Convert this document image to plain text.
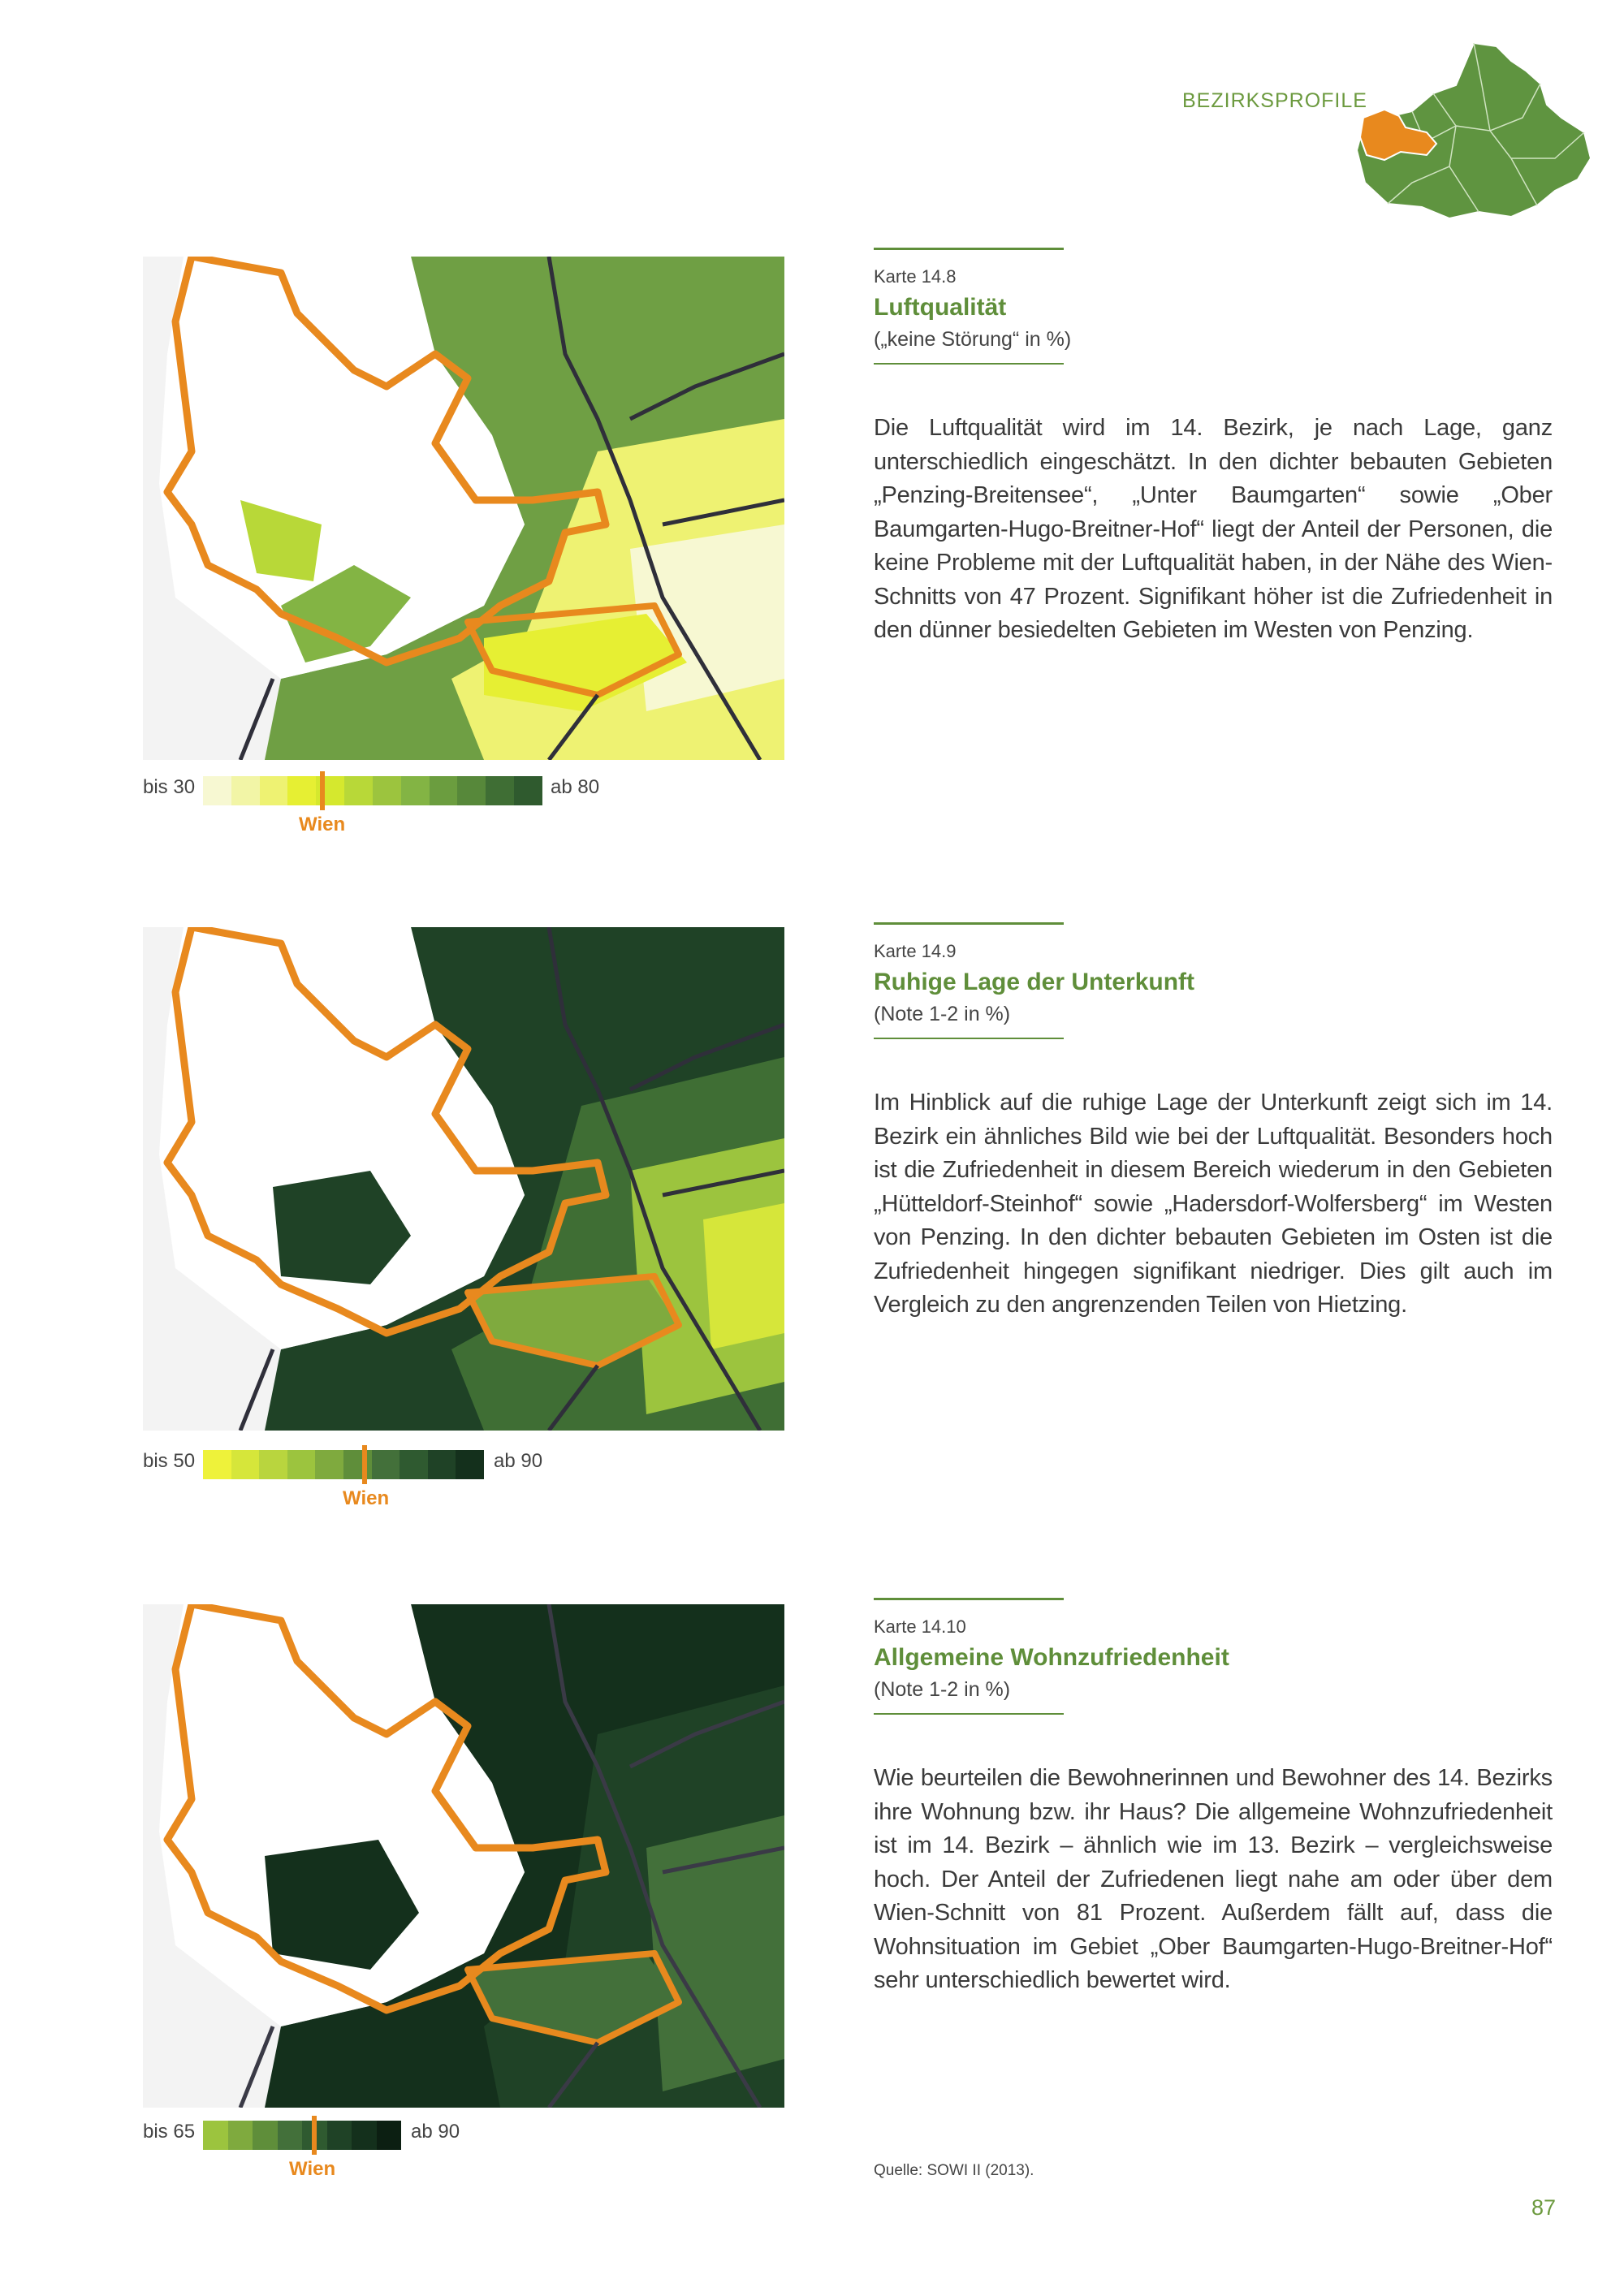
BEZIRKSPROFILE
bis 30	ab 80
Wien
Karte 14.8
Luftqualität
(„keine Störung“ in %)
Die Luftqualität wird im 14. Bezirk, je nach Lage, ganz unterschiedlich eingeschätzt. In den dichter bebauten Gebieten „Penzing-Breitensee“, „Unter Baumgarten“ sowie „Ober Baumgarten-Hugo-Breitner-Hof“ liegt der Anteil der Personen, die keine Probleme mit der Luftqualität haben, in der Nähe des Wien-Schnitts von 47 Prozent. Signifikant höher ist die Zufriedenheit in den dünner besiedelten Gebieten im Westen von Penzing.
bis 50	ab 90
Wien
Karte 14.9
Ruhige Lage der Unterkunft
(Note 1-2 in %)
Im Hinblick auf die ruhige Lage der Unterkunft zeigt sich im 14. Bezirk ein ähnliches Bild wie bei der Luftqualität. Besonders hoch ist die Zufriedenheit in diesem Bereich wiederum in den Gebieten „Hütteldorf-Steinhof“ sowie „Hadersdorf-Wolfersberg“ im Westen von Penzing. In den dichter bebauten Gebieten im Osten ist die Zufriedenheit hingegen signifikant niedriger. Dies gilt auch im Vergleich zu den angrenzenden Teilen von Hietzing.
bis 65	ab 90
Wien
Karte 14.10
Allgemeine Wohnzufriedenheit
(Note 1-2 in %)
Wie beurteilen die Bewohnerinnen und Bewohner des 14. Bezirks ihre Wohnung bzw. ihr Haus? Die allgemeine Wohnzufriedenheit ist im 14. Bezirk – ähnlich wie im 13. Bezirk – vergleichsweise hoch. Der Anteil der Zufriedenen liegt nahe am oder über dem Wien-Schnitt von 81 Prozent. Außerdem fällt auf, dass die Wohnsituation im Gebiet „Ober Baumgarten-Hugo-Breitner-Hof“ sehr unterschiedlich bewertet wird.
Quelle: SOWI II (2013).
87
